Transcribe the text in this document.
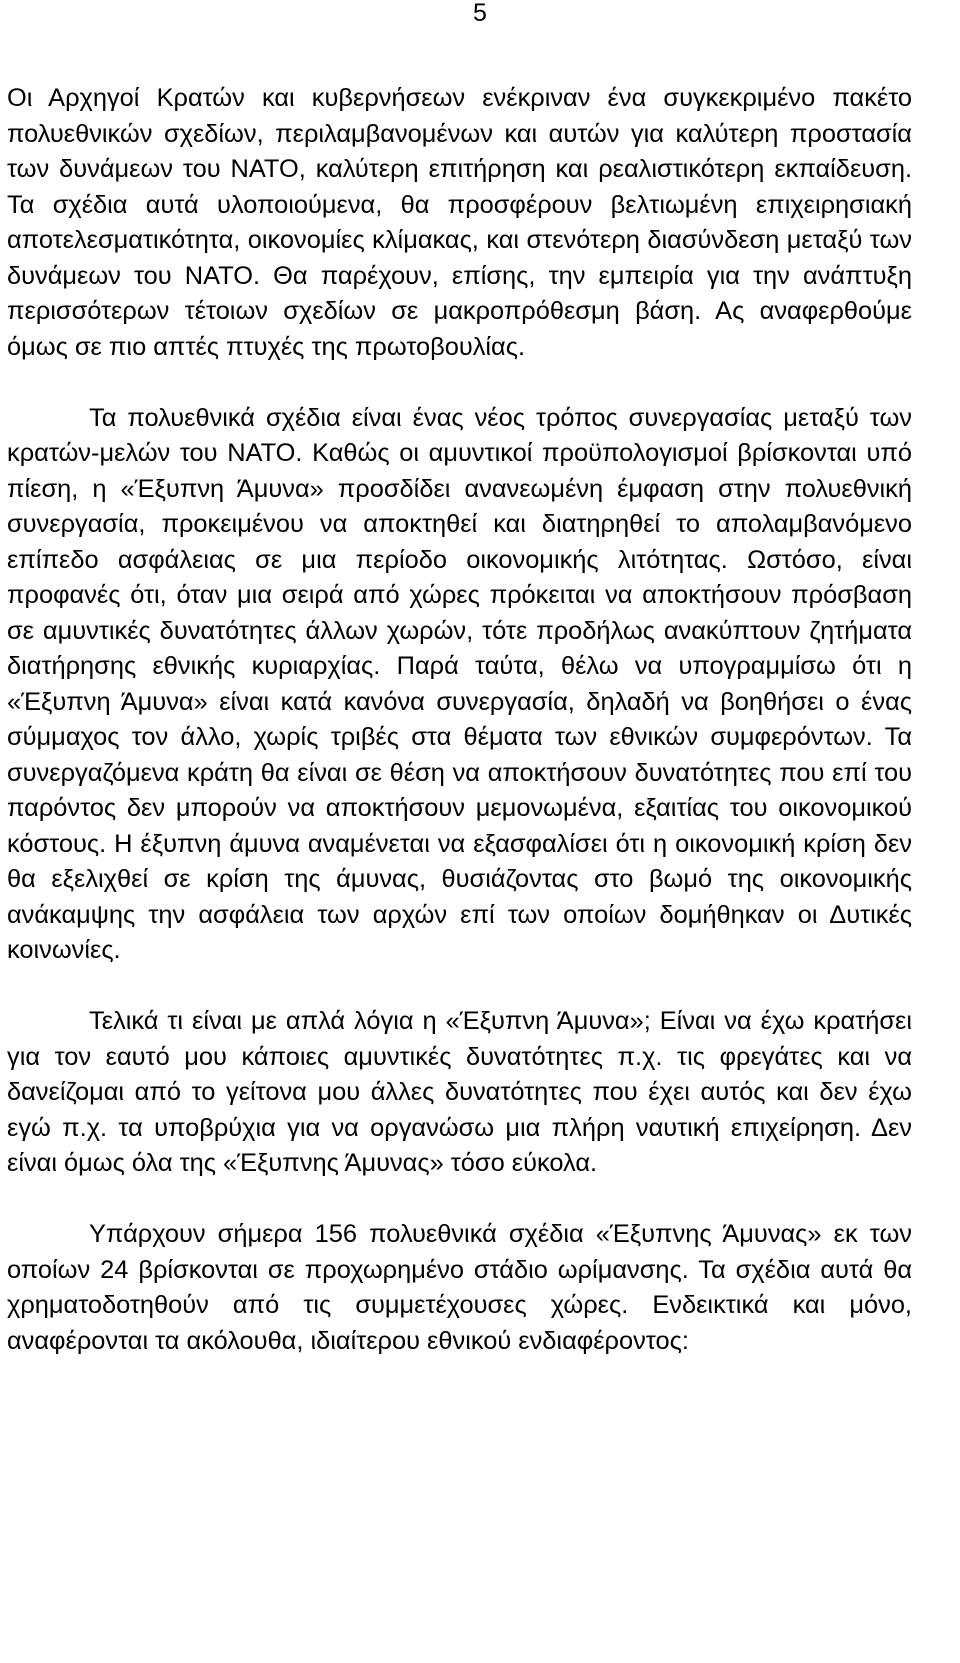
5

Οι Αρχηγοί Κρατών και κυβερνήσεων ενέκριναν ένα συγκεκριμένο πακέτο πολυεθνικών σχεδίων, περιλαμβανομένων και αυτών για καλύτερη προστασία των δυνάμεων του ΝΑΤΟ, καλύτερη επιτήρηση και ρεαλιστικότερη εκπαίδευση. Τα σχέδια αυτά υλοποιούμενα, θα προσφέρουν βελτιωμένη επιχειρησιακή αποτελεσματικότητα, οικονομίες κλίμακας, και στενότερη διασύνδεση μεταξύ των δυνάμεων του ΝΑΤΟ. Θα παρέχουν, επίσης, την εμπειρία για την ανάπτυξη περισσότερων τέτοιων σχεδίων σε μακροπρόθεσμη βάση. Ας αναφερθούμε όμως σε πιο απτές πτυχές της πρωτοβουλίας.

Τα πολυεθνικά σχέδια είναι ένας νέος τρόπος συνεργασίας μεταξύ των κρατών-μελών του ΝΑΤΟ. Καθώς οι αμυντικοί προϋπολογισμοί βρίσκονται υπό πίεση, η «Έξυπνη Άμυνα» προσδίδει ανανεωμένη έμφαση στην πολυεθνική συνεργασία, προκειμένου να αποκτηθεί και διατηρηθεί το απολαμβανόμενο επίπεδο ασφάλειας σε μια περίοδο οικονομικής λιτότητας. Ωστόσο, είναι προφανές ότι, όταν μια σειρά από χώρες πρόκειται να αποκτήσουν πρόσβαση σε αμυντικές δυνατότητες άλλων χωρών, τότε προδήλως ανακύπτουν ζητήματα διατήρησης εθνικής κυριαρχίας. Παρά ταύτα, θέλω να υπογραμμίσω ότι η «Έξυπνη Άμυνα» είναι κατά κανόνα συνεργασία, δηλαδή να βοηθήσει ο ένας σύμμαχος τον άλλο, χωρίς τριβές στα θέματα των εθνικών συμφερόντων. Τα συνεργαζόμενα κράτη θα είναι σε θέση να αποκτήσουν δυνατότητες που επί του παρόντος δεν μπορούν να αποκτήσουν μεμονωμένα, εξαιτίας του οικονομικού κόστους. Η έξυπνη άμυνα αναμένεται να εξασφαλίσει ότι η οικονομική κρίση δεν θα εξελιχθεί σε κρίση της άμυνας, θυσιάζοντας στο βωμό της οικονομικής ανάκαμψης την ασφάλεια των αρχών επί των οποίων δομήθηκαν οι Δυτικές κοινωνίες.

Τελικά τι είναι με απλά λόγια η «Έξυπνη Άμυνα»; Είναι να έχω κρατήσει για τον εαυτό μου κάποιες αμυντικές δυνατότητες π.χ. τις φρεγάτες και να δανείζομαι από το γείτονα μου άλλες δυνατότητες που έχει αυτός και δεν έχω εγώ π.χ. τα υποβρύχια για να οργανώσω μια πλήρη ναυτική επιχείρηση. Δεν είναι όμως όλα της «Έξυπνης Άμυνας» τόσο εύκολα.

Υπάρχουν σήμερα 156 πολυεθνικά σχέδια «Έξυπνης Άμυνας» εκ των οποίων 24 βρίσκονται σε προχωρημένο στάδιο ωρίμανσης. Τα σχέδια αυτά θα χρηματοδοτηθούν από τις συμμετέχουσες χώρες. Ενδεικτικά και μόνο, αναφέρονται τα ακόλουθα, ιδιαίτερου εθνικού ενδιαφέροντος:
